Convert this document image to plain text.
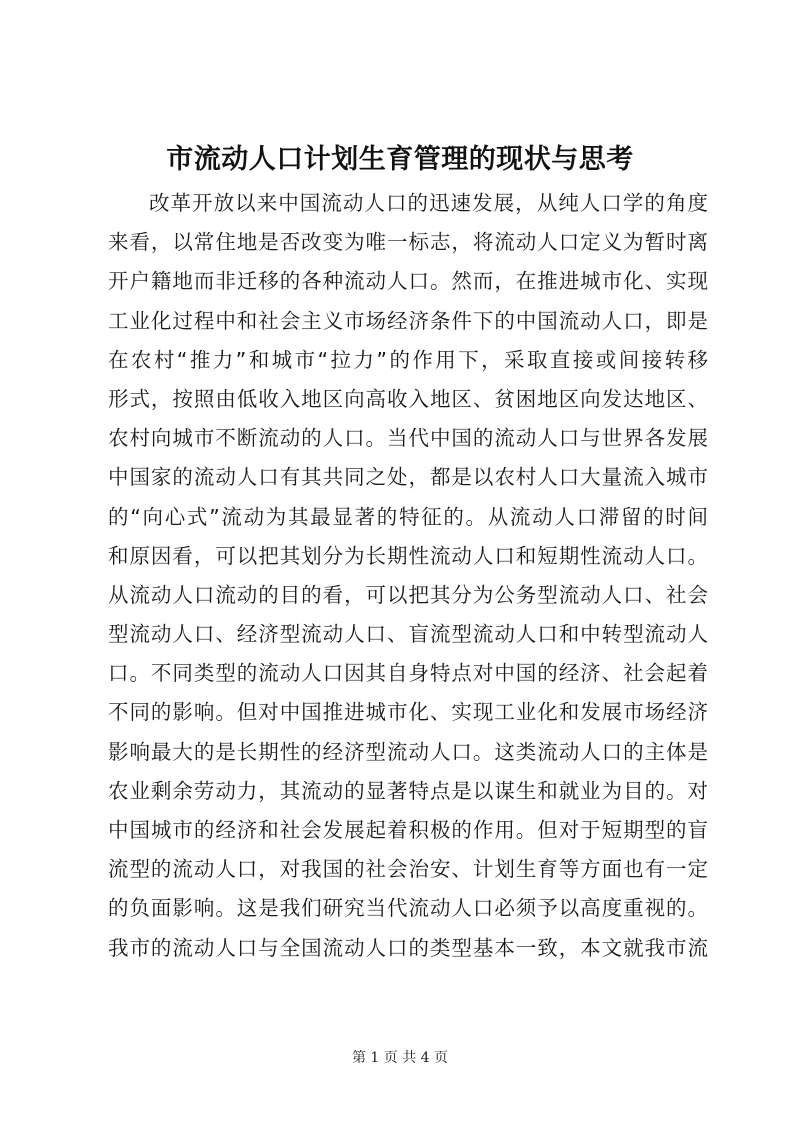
市流动人口计划生育管理的现状与思考
改革开放以来中国流动人口的迅速发展，从纯人口学的角度
来看，以常住地是否改变为唯一标志，将流动人口定义为暂时离
开户籍地而非迁移的各种流动人口。然而，在推进城市化、实现
工业化过程中和社会主义市场经济条件下的中国流动人口，即是
在农村“推力”和城市“拉力”的作用下，采取直接或间接转移
形式，按照由低收入地区向高收入地区、贫困地区向发达地区、
农村向城市不断流动的人口。当代中国的流动人口与世界各发展
中国家的流动人口有其共同之处，都是以农村人口大量流入城市
的“向心式”流动为其最显著的特征的。从流动人口滞留的时间
和原因看，可以把其划分为长期性流动人口和短期性流动人口。
从流动人口流动的目的看，可以把其分为公务型流动人口、社会
型流动人口、经济型流动人口、盲流型流动人口和中转型流动人
口。不同类型的流动人口因其自身特点对中国的经济、社会起着
不同的影响。但对中国推进城市化、实现工业化和发展市场经济
影响最大的是长期性的经济型流动人口。这类流动人口的主体是
农业剩余劳动力，其流动的显著特点是以谋生和就业为目的。对
中国城市的经济和社会发展起着积极的作用。但对于短期型的盲
流型的流动人口，对我国的社会治安、计划生育等方面也有一定
的负面影响。这是我们研究当代流动人口必须予以高度重视的。
我市的流动人口与全国流动人口的类型基本一致，本文就我市流
第 1 页 共 4 页
